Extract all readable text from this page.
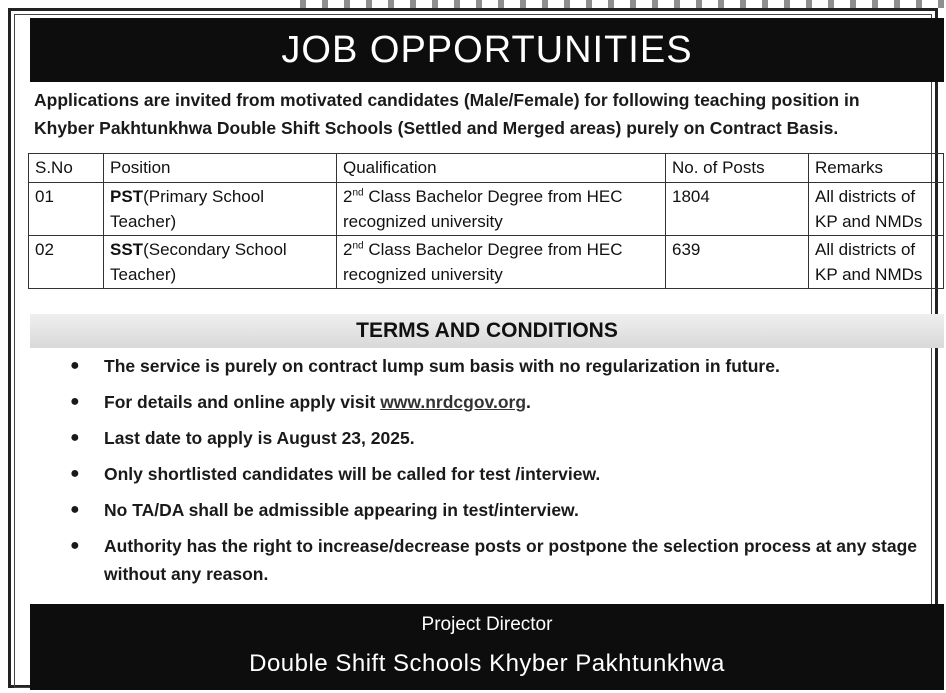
JOB OPPORTUNITIES
Applications are invited from motivated candidates (Male/Female) for following teaching position in
Khyber Pakhtunkhwa Double Shift Schools (Settled and Merged areas) purely on Contract Basis.
S.No	Position	Qualification	No. of Posts	Remarks
01	PST(Primary School Teacher)	2nd Class Bachelor Degree from HEC recognized university	1804	All districts of KP and NMDs
02	SST(Secondary School Teacher)	2nd Class Bachelor Degree from HEC recognized university	639	All districts of KP and NMDs
TERMS AND CONDITIONS
● The service is purely on contract lump sum basis with no regularization in future.
● For details and online apply visit www.nrdcgov.org.
● Last date to apply is August 23, 2025.
● Only shortlisted candidates will be called for test /interview.
● No TA/DA shall be admissible appearing in test/interview.
● Authority has the right to increase/decrease posts or postpone the selection process at any stage without any reason.
Project Director
Double Shift Schools Khyber Pakhtunkhwa
